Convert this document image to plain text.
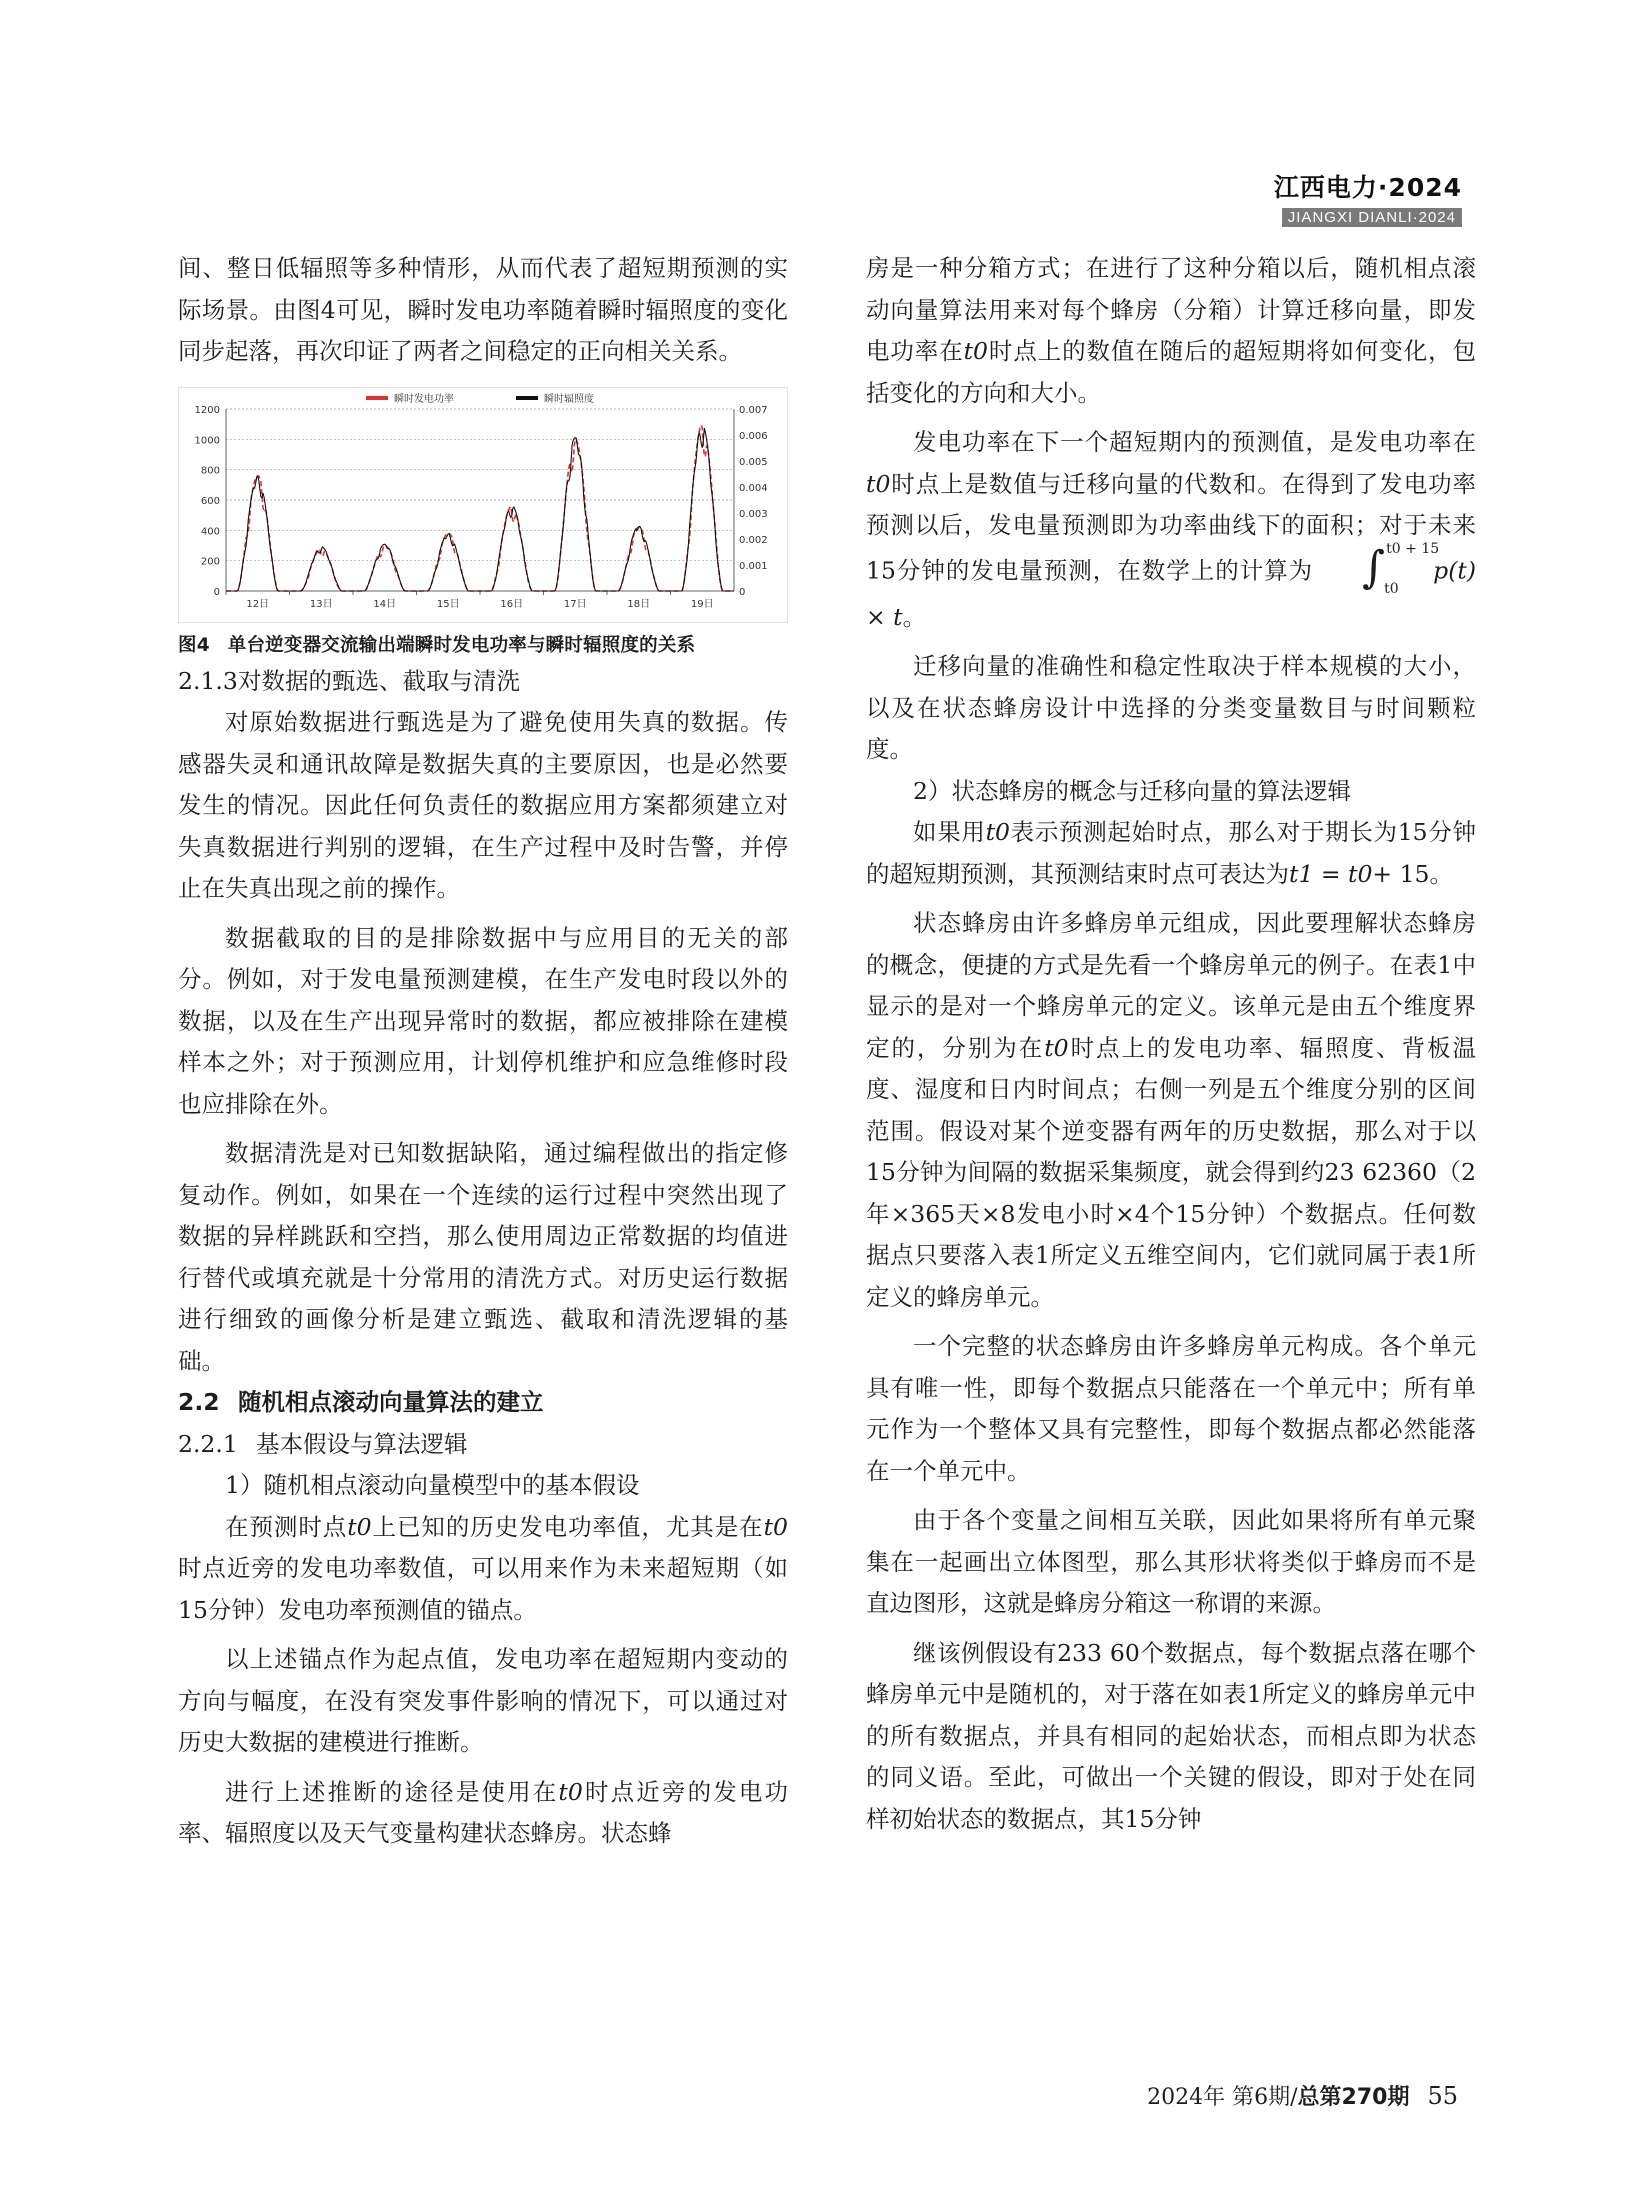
江西电力·2024
JIANGXI DIANLI·2024

间、整日低辐照等多种情形，从而代表了超短期预测的实际场景。由图4可见，瞬时发电功率随着瞬时辐照度的变化同步起落，再次印证了两者之间稳定的正向相关关系。

0
200
400
600
800
1000
1200
0
0.001
0.002
0.003
0.004
0.005
0.006
0.007
12日	13日	14日	15日	16日	17日	18日	19日
瞬时发电功率	瞬时辐照度
图4 单台逆变器交流输出端瞬时发电功率与瞬时辐照度的关系

2.1.3对数据的甄选、截取与清洗

对原始数据进行甄选是为了避免使用失真的数据。传感器失灵和通讯故障是数据失真的主要原因，也是必然要发生的情况。因此任何负责任的数据应用方案都须建立对失真数据进行判别的逻辑，在生产过程中及时告警，并停止在失真出现之前的操作。

数据截取的目的是排除数据中与应用目的无关的部分。例如，对于发电量预测建模，在生产发电时段以外的数据，以及在生产出现异常时的数据，都应被排除在建模样本之外；对于预测应用，计划停机维护和应急维修时段也应排除在外。

数据清洗是对已知数据缺陷，通过编程做出的指定修复动作。例如，如果在一个连续的运行过程中突然出现了数据的异样跳跃和空挡，那么使用周边正常数据的均值进行替代或填充就是十分常用的清洗方式。对历史运行数据进行细致的画像分析是建立甄选、截取和清洗逻辑的基础。

2.2 随机相点滚动向量算法的建立

2.2.1 基本假设与算法逻辑

1）随机相点滚动向量模型中的基本假设

在预测时点t0上已知的历史发电功率值，尤其是在t0时点近旁的发电功率数值，可以用来作为未来超短期（如15分钟）发电功率预测值的锚点。

以上述锚点作为起点值，发电功率在超短期内变动的方向与幅度，在没有突发事件影响的情况下，可以通过对历史大数据的建模进行推断。

进行上述推断的途径是使用在t0时点近旁的发电功率、辐照度以及天气变量构建状态蜂房。状态蜂

房是一种分箱方式；在进行了这种分箱以后，随机相点滚动向量算法用来对每个蜂房（分箱）计算迁移向量，即发电功率在t0时点上的数值在随后的超短期将如何变化，包括变化的方向和大小。

发电功率在下一个超短期内的预测值，是发电功率在t0时点上是数值与迁移向量的代数和。在得到了发电功率预测以后，发电量预测即为功率曲线下的面积；对于未来15分钟的发电量预测，在数学上的计算为	∫ t0 + 15
t0
p(t) × t。

迁移向量的准确性和稳定性取决于样本规模的大小，以及在状态蜂房设计中选择的分类变量数目与时间颗粒度。

2）状态蜂房的概念与迁移向量的算法逻辑

如果用t0表示预测起始时点，那么对于期长为15分钟的超短期预测，其预测结束时点可表达为t1 = t0+ 15。

状态蜂房由许多蜂房单元组成，因此要理解状态蜂房的概念，便捷的方式是先看一个蜂房单元的例子。在表1中显示的是对一个蜂房单元的定义。该单元是由五个维度界定的，分别为在t0时点上的发电功率、辐照度、背板温度、湿度和日内时间点；右侧一列是五个维度分别的区间范围。假设对某个逆变器有两年的历史数据，那么对于以15分钟为间隔的数据采集频度，就会得到约23 62360（2年×365天×8发电小时×4个15分钟）个数据点。任何数据点只要落入表1所定义五维空间内，它们就同属于表1所定义的蜂房单元。

一个完整的状态蜂房由许多蜂房单元构成。各个单元具有唯一性，即每个数据点只能落在一个单元中；所有单元作为一个整体又具有完整性，即每个数据点都必然能落在一个单元中。

由于各个变量之间相互关联，因此如果将所有单元聚集在一起画出立体图型，那么其形状将类似于蜂房而不是直边图形，这就是蜂房分箱这一称谓的来源。

继该例假设有233 60个数据点，每个数据点落在哪个蜂房单元中是随机的，对于落在如表1所定义的蜂房单元中的所有数据点，并具有相同的起始状态，而相点即为状态的同义语。至此，可做出一个关键的假设，即对于处在同样初始状态的数据点，其15分钟

2024年 第6期/总第270期 55
